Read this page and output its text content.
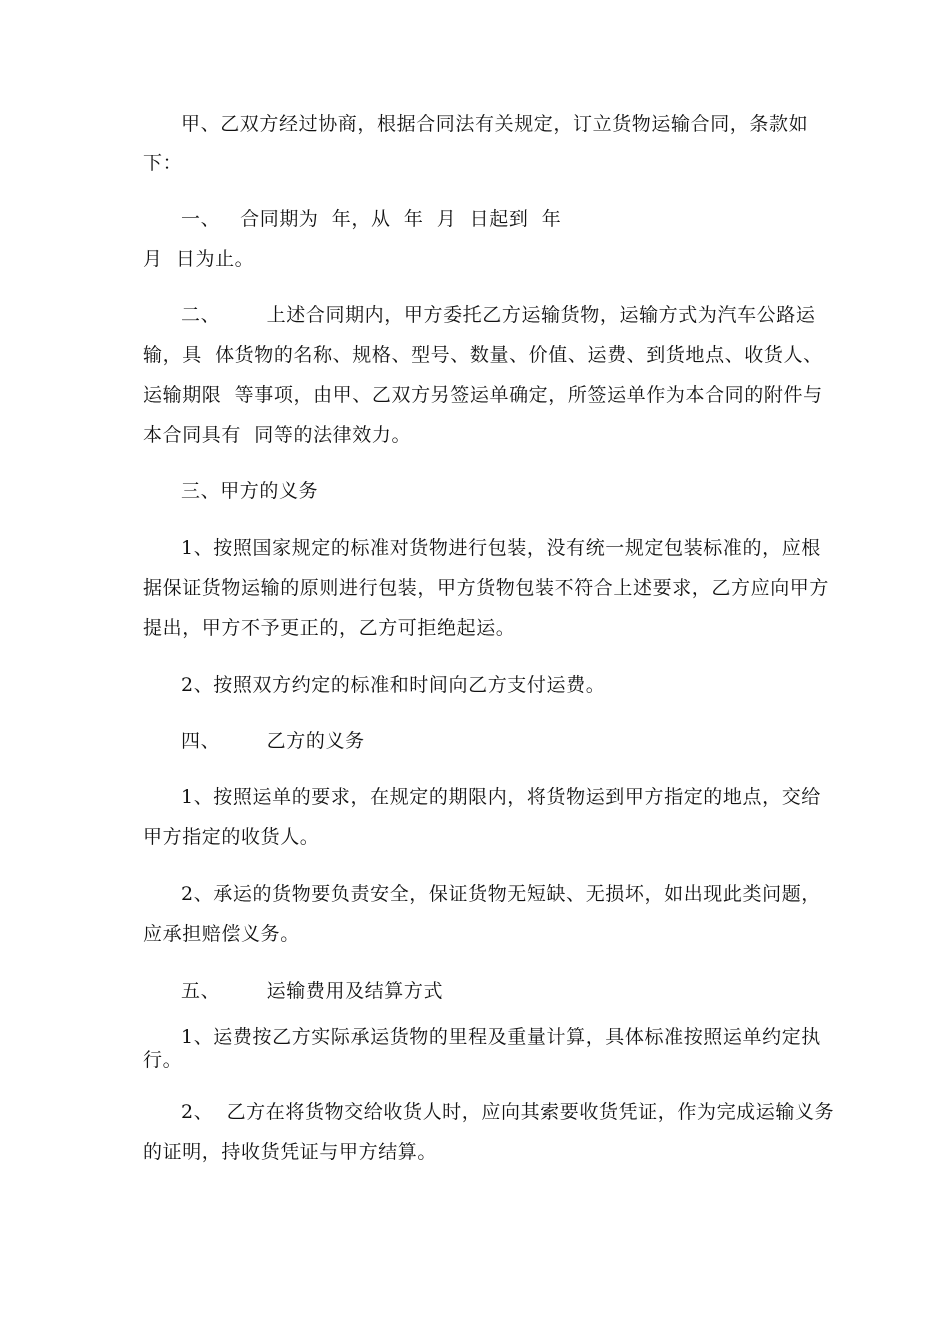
甲、乙双方经过协商，根据合同法有关规定，订立货物运输合同，条款如
下：
一、   合同期为  年，从  年  月  日起到  年
月  日为止。
二、       上述合同期内，甲方委托乙方运输货物，运输方式为汽车公路运
输，具  体货物的名称、规格、型号、数量、价值、运费、到货地点、收货人、
运输期限  等事项，由甲、乙双方另签运单确定，所签运单作为本合同的附件与
本合同具有  同等的法律效力。
三、甲方的义务
1、按照国家规定的标准对货物进行包装，没有统一规定包装标准的，应根
据保证货物运输的原则进行包装，甲方货物包装不符合上述要求，乙方应向甲方
提出，甲方不予更正的，乙方可拒绝起运。
2、按照双方约定的标准和时间向乙方支付运费。
四、       乙方的义务
1、按照运单的要求，在规定的期限内，将货物运到甲方指定的地点，交给
甲方指定的收货人。
2、承运的货物要负责安全，保证货物无短缺、无损坏，如出现此类问题，
应承担赔偿义务。
五、       运输费用及结算方式
1、运费按乙方实际承运货物的里程及重量计算，具体标准按照运单约定执
行。
2、  乙方在将货物交给收货人时，应向其索要收货凭证，作为完成运输义务
的证明，持收货凭证与甲方结算。
